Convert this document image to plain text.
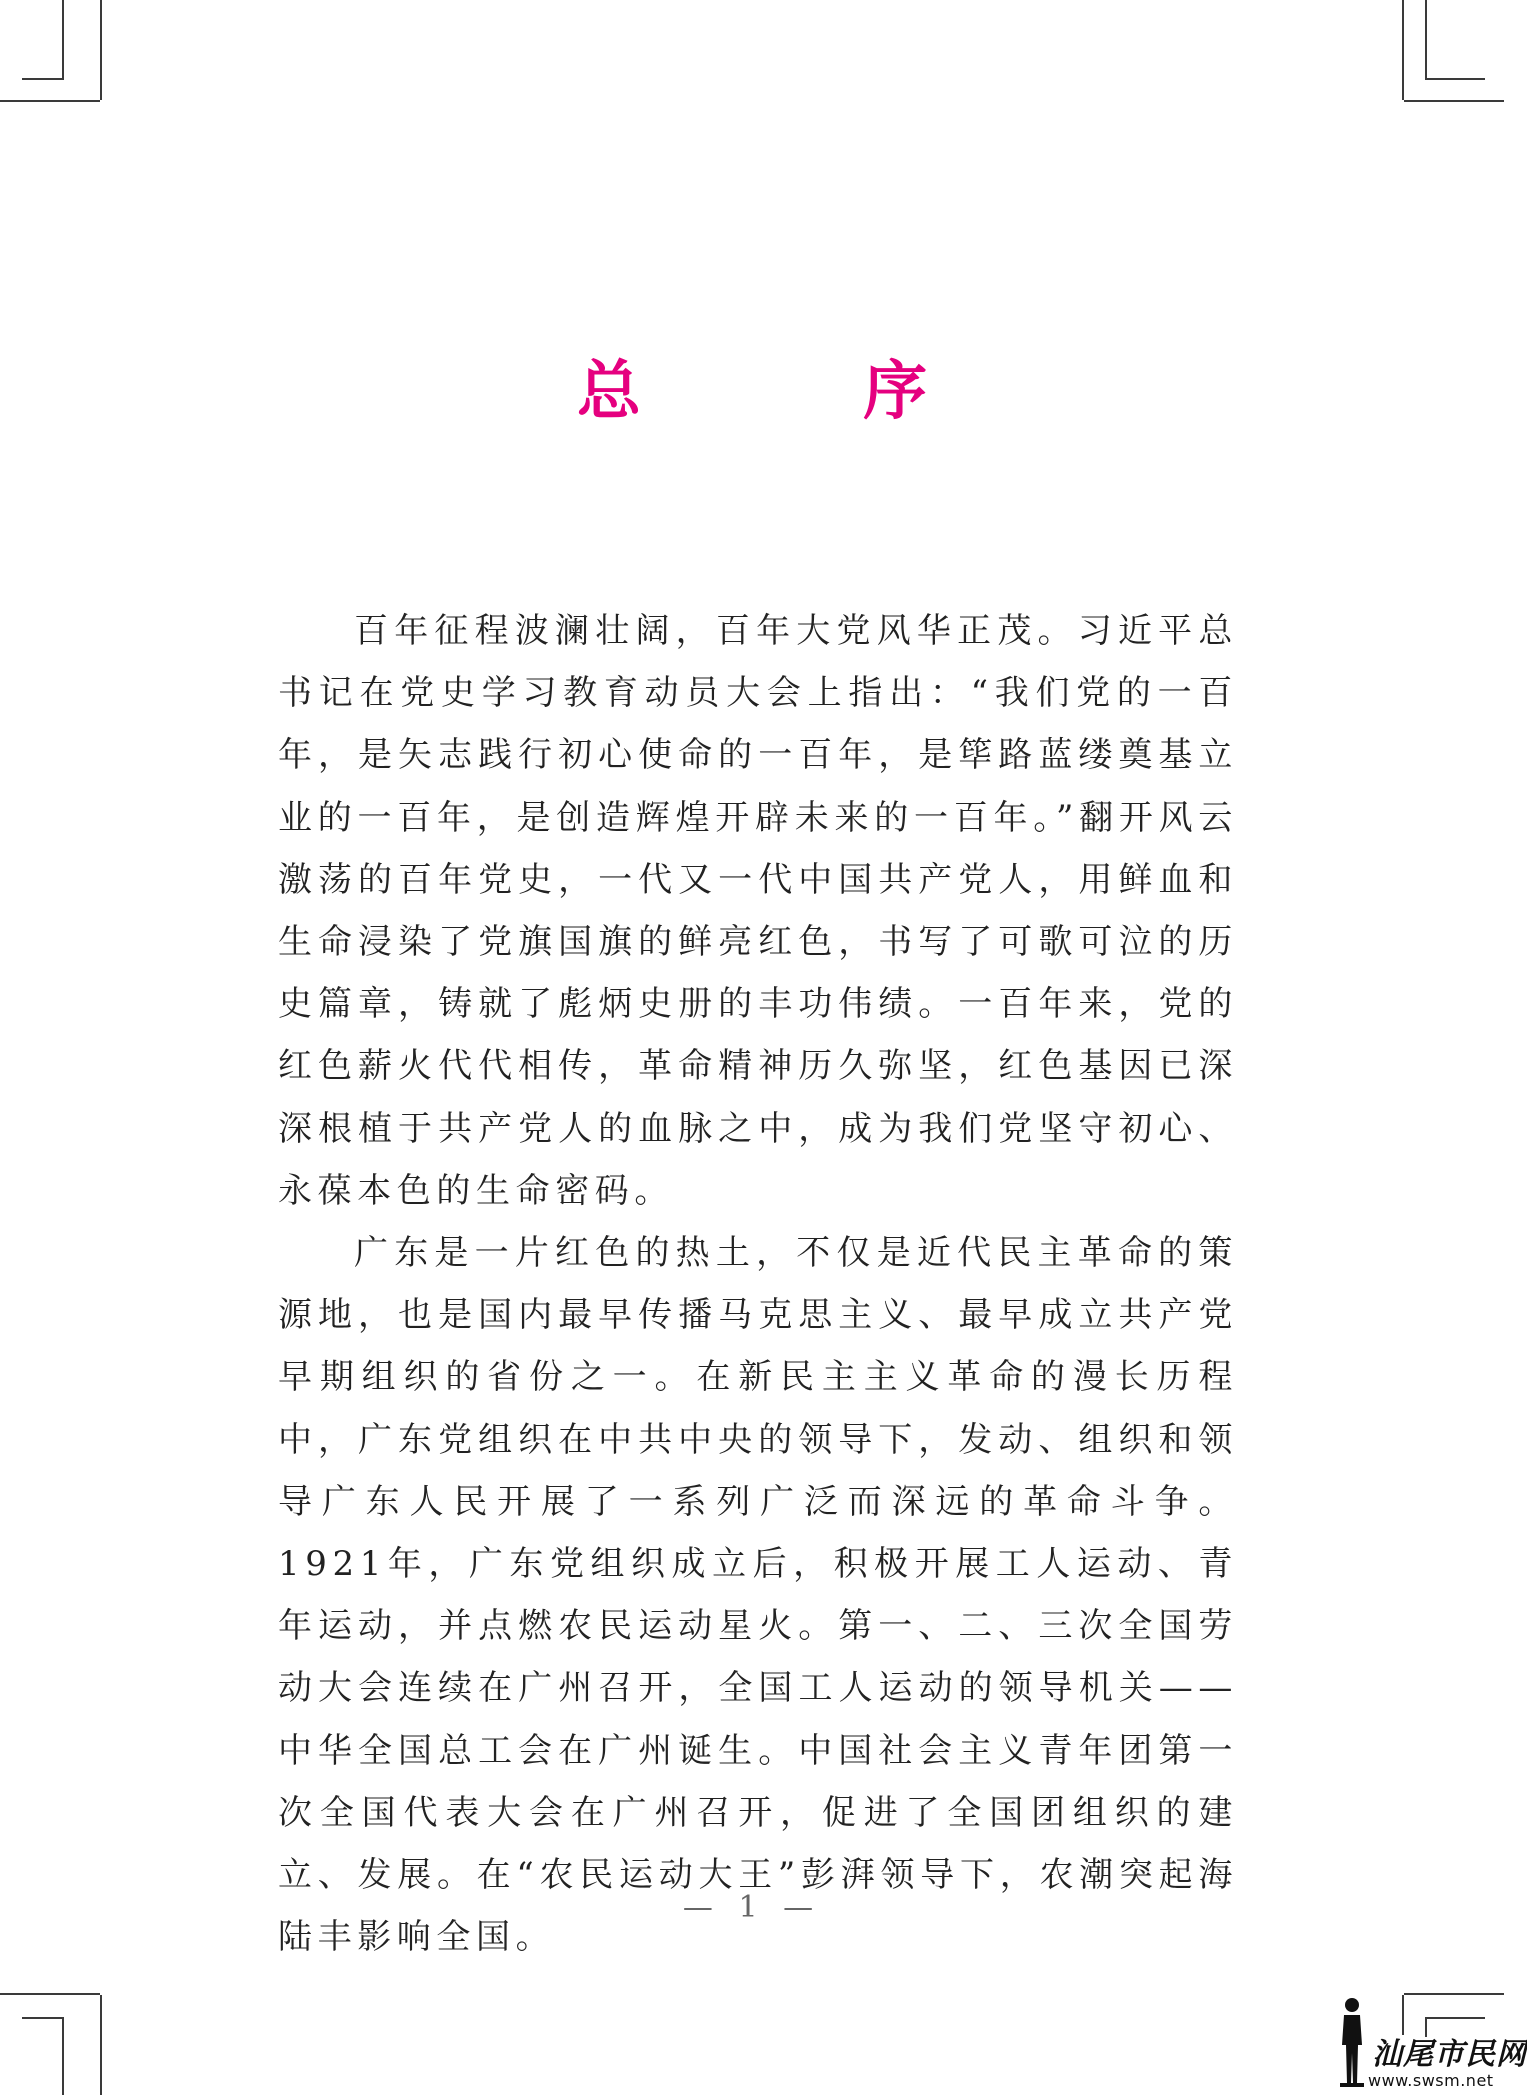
总 序

百年征程波澜壮阔，百年大党风华正茂。习近平总书记在党史学习教育动员大会上指出：“我们党的一百年，是矢志践行初心使命的一百年，是筚路蓝缕奠基立业的一百年，是创造辉煌开辟未来的一百年。”翻开风云激荡的百年党史，一代又一代中国共产党人，用鲜血和生命浸染了党旗国旗的鲜亮红色，书写了可歌可泣的历史篇章，铸就了彪炳史册的丰功伟绩。一百年来，党的红色薪火代代相传，革命精神历久弥坚，红色基因已深深根植于共产党人的血脉之中，成为我们党坚守初心、永葆本色的生命密码。

广东是一片红色的热土，不仅是近代民主革命的策源地，也是国内最早传播马克思主义、最早成立共产党早期组织的省份之一。在新民主主义革命的漫长历程中，广东党组织在中共中央的领导下，发动、组织和领导广东人民开展了一系列广泛而深远的革命斗争。1921年，广东党组织成立后，积极开展工人运动、青年运动，并点燃农民运动星火。第一、二、三次全国劳动大会连续在广州召开，全国工人运动的领导机关——中华全国总工会在广州诞生。中国社会主义青年团第一次全国代表大会在广州召开，促进了全国团组织的建立、发展。在“农民运动大王”彭湃领导下，农潮突起海陆丰影响全国。

— 1 —
汕尾市民网
www.swsm.net
